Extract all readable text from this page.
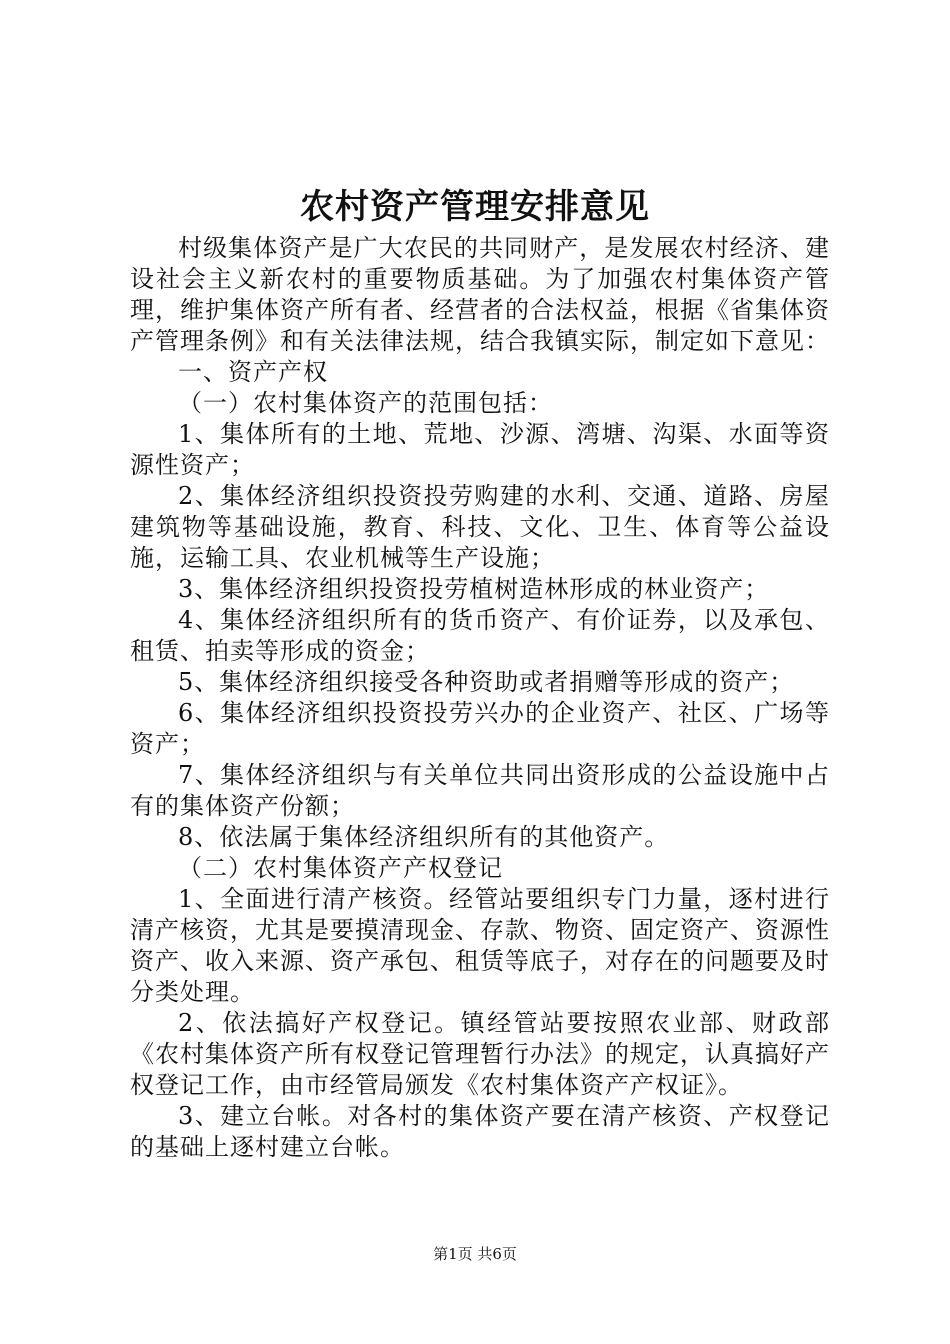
农村资产管理安排意见

村级集体资产是广大农民的共同财产，是发展农村经济、建设社会主义新农村的重要物质基础。为了加强农村集体资产管理，维护集体资产所有者、经营者的合法权益，根据《省集体资产管理条例》和有关法律法规，结合我镇实际，制定如下意见：

一、资产产权

（一）农村集体资产的范围包括：

1、集体所有的土地、荒地、沙源、湾塘、沟渠、水面等资源性资产；

2、集体经济组织投资投劳购建的水利、交通、道路、房屋建筑物等基础设施，教育、科技、文化、卫生、体育等公益设施，运输工具、农业机械等生产设施；

3、集体经济组织投资投劳植树造林形成的林业资产；

4、集体经济组织所有的货币资产、有价证券，以及承包、租赁、拍卖等形成的资金；

5、集体经济组织接受各种资助或者捐赠等形成的资产；

6、集体经济组织投资投劳兴办的企业资产、社区、广场等资产；

7、集体经济组织与有关单位共同出资形成的公益设施中占有的集体资产份额；

8、依法属于集体经济组织所有的其他资产。

（二）农村集体资产产权登记

1、全面进行清产核资。经管站要组织专门力量，逐村进行清产核资，尤其是要摸清现金、存款、物资、固定资产、资源性资产、收入来源、资产承包、租赁等底子，对存在的问题要及时分类处理。

2、依法搞好产权登记。镇经管站要按照农业部、财政部《农村集体资产所有权登记管理暂行办法》的规定，认真搞好产权登记工作，由市经管局颁发《农村集体资产产权证》。

3、建立台帐。对各村的集体资产要在清产核资、产权登记的基础上逐村建立台帐。

第1页 共6页
